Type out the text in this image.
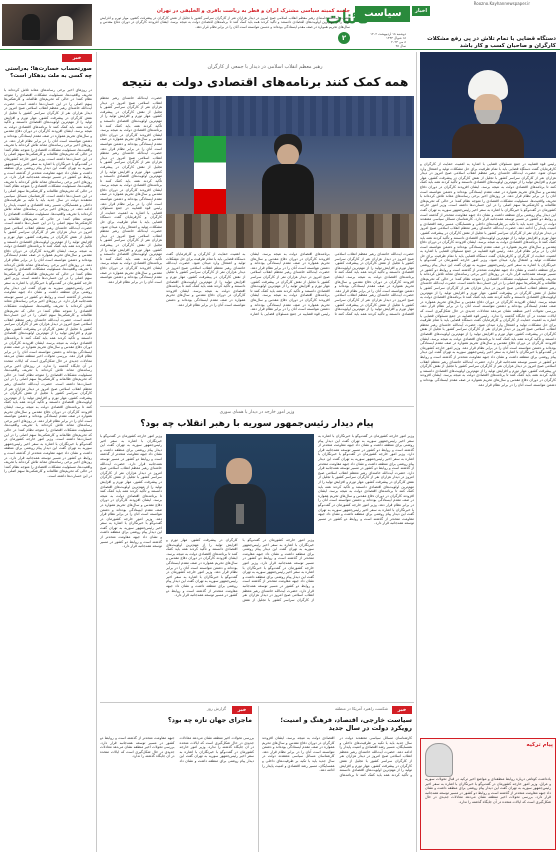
Roozno.Kayhannewspaper.ir
اخبار
سیاست
کائنات
جلسه کمیته سیاسی مشترک ایران و قطر به ریاست باقری و الخلیفی در تهران
حضرت آیت‌الله خامنه‌ای رهبر معظم انقلاب اسلامی صبح امروز در دیدار هزاران نفر از کارگران سراسر کشور با تجلیل از نقش کارگران در پیشرفت کشور، مهار تورم و افزایش تولید را از مهم‌ترین اولویت‌های اقتصادی دانستند و تأکید کردند همه باید کمک کنند تا برنامه‌های اقتصادی دولت به نتیجه برسد. ایشان افزودند کارگران در دوران دفاع مقدس و سال‌های تحریم همواره در صف مقدم ایستادگی بوده‌اند و دشمن نتوانسته است آنان را در برابر نظام قرار دهد.
۲	دوشنبه ۱۸ اردیبهشت ۱۴۰۲
۱۸ شوال ۱۴۴۴
۸ می ۲۰۲۳
سال ۳۸
دستگاه قضایی با تمام تلاش در پی رفع مشکلات کارگران و صاحبان کسب و کار باشد
رئیس قوه قضاییه در جمع مسئولان قضایی با اشاره به اهمیت حمایت از کارگران و کارفرمایان گفت دستگاه قضایی باید با تمام ظرفیت برای حل مشکلات تولید و اشتغال وارد میدان شود. حضرت آیت‌الله خامنه‌ای رهبر معظم انقلاب اسلامی صبح امروز در دیدار هزاران نفر از کارگران سراسر کشور با تجلیل از نقش کارگران در پیشرفت کشور، مهار تورم و افزایش تولید را از مهم‌ترین اولویت‌های اقتصادی دانستند و تأکید کردند همه باید کمک کنند تا برنامه‌های اقتصادی دولت به نتیجه برسد. ایشان افزودند کارگران در دوران دفاع مقدس و سال‌های تحریم همواره در صف مقدم ایستادگی بوده‌اند و دشمن نتوانسته است آنان را در برابر نظام قرار دهد. در روزهای اخیر برخی رسانه‌های معاند تلاش کرده‌اند با تحریف واقعیت‌ها، مسئولیت مشکلات اقتصادی را متوجه نظام کنند؛ در حالی که تحریم‌های ظالمانه و کارشکنی‌ها سهم اصلی را در این خسارت‌ها داشته است. وزیر امور خارجه کشورمان در گفت‌وگو با خبرنگاران با اشاره به سفر اخیر رئیس‌جمهور سوریه به تهران گفت این دیدار پیام روشنی برای منطقه داشت و نشان داد جبهه مقاومت متحدتر از گذشته است و روابط دو کشور در مسیر توسعه همه‌جانبه قرار دارد. کارشناسان مسائل سیاسی معتقدند دولت در سال جدید باید با تکیه بر ظرفیت‌های داخلی و همسایگان، مسیر رشد اقتصادی و امنیت پایدار را ادامه دهد. حضرت آیت‌الله خامنه‌ای رهبر معظم انقلاب اسلامی صبح امروز در دیدار هزاران نفر از کارگران سراسر کشور با تجلیل از نقش کارگران در پیشرفت کشور، مهار تورم و افزایش تولید را از مهم‌ترین اولویت‌های اقتصادی دانستند و تأکید کردند همه باید کمک کنند تا برنامه‌های اقتصادی دولت به نتیجه برسد. ایشان افزودند کارگران در دوران دفاع مقدس و سال‌های تحریم همواره در صف مقدم ایستادگی بوده‌اند و دشمن نتوانسته است آنان را در برابر نظام قرار دهد. رئیس قوه قضاییه در جمع مسئولان قضایی با اشاره به اهمیت حمایت از کارگران و کارفرمایان گفت دستگاه قضایی باید با تمام ظرفیت برای حل مشکلات تولید و اشتغال وارد میدان شود. وزیر امور خارجه کشورمان در گفت‌وگو با خبرنگاران با اشاره به سفر اخیر رئیس‌جمهور سوریه به تهران گفت این دیدار پیام روشنی برای منطقه داشت و نشان داد جبهه مقاومت متحدتر از گذشته است و روابط دو کشور در مسیر توسعه همه‌جانبه قرار دارد. در روزهای اخیر برخی رسانه‌های معاند تلاش کرده‌اند با تحریف واقعیت‌ها، مسئولیت مشکلات اقتصادی را متوجه نظام کنند؛ در حالی که تحریم‌های ظالمانه و کارشکنی‌ها سهم اصلی را در این خسارت‌ها داشته است. حضرت آیت‌الله خامنه‌ای رهبر معظم انقلاب اسلامی صبح امروز در دیدار هزاران نفر از کارگران سراسر کشور با تجلیل از نقش کارگران در پیشرفت کشور، مهار تورم و افزایش تولید را از مهم‌ترین اولویت‌های اقتصادی دانستند و تأکید کردند همه باید کمک کنند تا برنامه‌های اقتصادی دولت به نتیجه برسد. ایشان افزودند کارگران در دوران دفاع مقدس و سال‌های تحریم همواره در صف مقدم ایستادگی بوده‌اند و دشمن نتوانسته است آنان را در برابر نظام قرار دهد. بررسی تحولات اخیر منطقه نشان می‌دهد معادلات جدیدی در حال شکل‌گیری است که ایالات متحده در آن جایگاه گذشته را ندارد. رئیس قوه قضاییه در جمع مسئولان قضایی با اشاره به اهمیت حمایت از کارگران و کارفرمایان گفت دستگاه قضایی باید با تمام ظرفیت برای حل مشکلات تولید و اشتغال وارد میدان شود. حضرت آیت‌الله خامنه‌ای رهبر معظم انقلاب اسلامی صبح امروز در دیدار هزاران نفر از کارگران سراسر کشور با تجلیل از نقش کارگران در پیشرفت کشور، مهار تورم و افزایش تولید را از مهم‌ترین اولویت‌های اقتصادی دانستند و تأکید کردند همه باید کمک کنند تا برنامه‌های اقتصادی دولت به نتیجه برسد. ایشان افزودند کارگران در دوران دفاع مقدس و سال‌های تحریم همواره در صف مقدم ایستادگی بوده‌اند و دشمن نتوانسته است آنان را در برابر نظام قرار دهد. وزیر امور خارجه کشورمان در گفت‌وگو با خبرنگاران با اشاره به سفر اخیر رئیس‌جمهور سوریه به تهران گفت این دیدار پیام روشنی برای منطقه داشت و نشان داد جبهه مقاومت متحدتر از گذشته است و روابط دو کشور در مسیر توسعه همه‌جانبه قرار دارد. حضرت آیت‌الله خامنه‌ای رهبر معظم انقلاب اسلامی صبح امروز در دیدار هزاران نفر از کارگران سراسر کشور با تجلیل از نقش کارگران در پیشرفت کشور، مهار تورم و افزایش تولید را از مهم‌ترین اولویت‌های اقتصادی دانستند و تأکید کردند همه باید کمک کنند تا برنامه‌های اقتصادی دولت به نتیجه برسد. ایشان افزودند کارگران در دوران دفاع مقدس و سال‌های تحریم همواره در صف مقدم ایستادگی بوده‌اند و دشمن نتوانسته است آنان را در برابر نظام قرار دهد.
پیام ترکیه
یادداشت کوتاهی درباره روابط منطقه‌ای و مواضع اخیر ترکیه در قبال تحولات سوریه و عراق. وزیر امور خارجه کشورمان در گفت‌وگو با خبرنگاران با اشاره به سفر اخیر رئیس‌جمهور سوریه به تهران گفت این دیدار پیام روشنی برای منطقه داشت و نشان داد جبهه مقاومت متحدتر از گذشته است و روابط دو کشور در مسیر توسعه همه‌جانبه قرار دارد. بررسی تحولات اخیر منطقه نشان می‌دهد معادلات جدیدی در حال شکل‌گیری است که ایالات متحده در آن جایگاه گذشته را ندارد.
رهبر معظم انقلاب اسلامی در دیدار با جمعی از کارگران
همه کمک کنند برنامه‌های اقتصادی دولت به نتیجه
حضرت آیت‌الله خامنه‌ای رهبر معظم انقلاب اسلامی صبح امروز در دیدار هزاران نفر از کارگران سراسر کشور با تجلیل از نقش کارگران در پیشرفت کشور، مهار تورم و افزایش تولید را از مهم‌ترین اولویت‌های اقتصادی دانستند و تأکید کردند همه باید کمک کنند تا برنامه‌های اقتصادی دولت به نتیجه برسد. ایشان افزودند کارگران در دوران دفاع مقدس و سال‌های تحریم همواره در صف مقدم ایستادگی بوده‌اند و دشمن نتوانسته است آنان را در برابر نظام قرار دهد. حضرت آیت‌الله خامنه‌ای رهبر معظم انقلاب اسلامی صبح امروز در دیدار هزاران نفر از کارگران سراسر کشور با تجلیل از نقش کارگران در پیشرفت کشور، مهار تورم و افزایش تولید را از مهم‌ترین اولویت‌های اقتصادی دانستند و تأکید کردند همه باید کمک کنند تا برنامه‌های اقتصادی دولت به نتیجه برسد. ایشان افزودند کارگران در دوران دفاع مقدس و سال‌های تحریم همواره در صف مقدم ایستادگی بوده‌اند و دشمن نتوانسته است آنان را در برابر نظام قرار دهد. حضرت آیت‌الله خامنه‌ای رهبر معظم انقلاب اسلامی صبح امروز در دیدار هزاران نفر از کارگران سراسر کشور با تجلیل از نقش کارگران در پیشرفت کشور، مهار تورم و افزایش تولید را از مهم‌ترین اولویت‌های اقتصادی دانستند و تأکید کردند همه باید کمک کنند تا برنامه‌های اقتصادی دولت به نتیجه برسد. ایشان افزودند کارگران در دوران دفاع مقدس و سال‌های تحریم همواره در صف مقدم ایستادگی بوده‌اند و دشمن نتوانسته است آنان را در برابر نظام قرار دهد. رئیس قوه قضاییه در جمع مسئولان قضایی با اشاره به اهمیت حمایت از کارگران و کارفرمایان گفت دستگاه قضایی باید با تمام ظرفیت برای حل مشکلات تولید و اشتغال وارد میدان شود. حضرت آیت‌الله خامنه‌ای رهبر معظم انقلاب اسلامی صبح امروز در دیدار هزاران نفر از کارگران سراسر کشور با تجلیل از نقش کارگران در پیشرفت کشور، مهار تورم و افزایش تولید را از مهم‌ترین اولویت‌های اقتصادی دانستند و تأکید کردند همه باید کمک کنند تا برنامه‌های اقتصادی دولت به نتیجه برسد. ایشان افزودند کارگران در دوران دفاع مقدس و سال‌های تحریم همواره در صف مقدم ایستادگی بوده‌اند و دشمن نتوانسته است آنان را در برابر نظام قرار دهد.
حضرت آیت‌الله خامنه‌ای رهبر معظم انقلاب اسلامی صبح امروز در دیدار هزاران نفر از کارگران سراسر کشور با تجلیل از نقش کارگران در پیشرفت کشور، مهار تورم و افزایش تولید را از مهم‌ترین اولویت‌های اقتصادی دانستند و تأکید کردند همه باید کمک کنند تا برنامه‌های اقتصادی دولت به نتیجه برسد. ایشان افزودند کارگران در دوران دفاع مقدس و سال‌های تحریم همواره در صف مقدم ایستادگی بوده‌اند و دشمن نتوانسته است آنان را در برابر نظام قرار دهد. حضرت آیت‌الله خامنه‌ای رهبر معظم انقلاب اسلامی صبح امروز در دیدار هزاران نفر از کارگران سراسر کشور با تجلیل از نقش کارگران در پیشرفت کشور، مهار تورم و افزایش تولید را از مهم‌ترین اولویت‌های اقتصادی دانستند و تأکید کردند همه باید کمک کنند تا برنامه‌های اقتصادی دولت به نتیجه برسد. ایشان افزودند کارگران در دوران دفاع مقدس و سال‌های تحریم همواره در صف مقدم ایستادگی بوده‌اند و دشمن نتوانسته است آنان را در برابر نظام قرار دهد. رئیس قوه قضاییه در جمع مسئولان قضایی با اشاره به اهمیت حمایت از کارگران و کارفرمایان گفت دستگاه قضایی باید با تمام ظرفیت برای حل مشکلات تولید و اشتغال وارد میدان شود. حضرت آیت‌الله خامنه‌ای رهبر معظم انقلاب اسلامی صبح امروز در دیدار هزاران نفر از کارگران سراسر کشور با تجلیل از نقش کارگران در پیشرفت کشور، مهار تورم و افزایش تولید را از مهم‌ترین اولویت‌های اقتصادی دانستند و تأکید کردند همه باید کمک کنند تا برنامه‌های اقتصادی دولت به نتیجه برسد. ایشان افزودند کارگران در دوران دفاع مقدس و سال‌های تحریم همواره در صف مقدم ایستادگی بوده‌اند و دشمن نتوانسته است آنان را در برابر نظام قرار دهد.
وزیر امور خارجه در دیدار با همتای سوری
پیام دیدار رئیس‌جمهور سوریه با رهبر انقلاب چه بود؟
وزیر امور خارجه کشورمان در گفت‌وگو با خبرنگاران با اشاره به سفر اخیر رئیس‌جمهور سوریه به تهران گفت این دیدار پیام روشنی برای منطقه داشت و نشان داد جبهه مقاومت متحدتر از گذشته است و روابط دو کشور در مسیر توسعه همه‌جانبه قرار دارد. وزیر امور خارجه کشورمان در گفت‌وگو با خبرنگاران با اشاره به سفر اخیر رئیس‌جمهور سوریه به تهران گفت این دیدار پیام روشنی برای منطقه داشت و نشان داد جبهه مقاومت متحدتر از گذشته است و روابط دو کشور در مسیر توسعه همه‌جانبه قرار دارد. حضرت آیت‌الله خامنه‌ای رهبر معظم انقلاب اسلامی صبح امروز در دیدار هزاران نفر از کارگران سراسر کشور با تجلیل از نقش کارگران در پیشرفت کشور، مهار تورم و افزایش تولید را از مهم‌ترین اولویت‌های اقتصادی دانستند و تأکید کردند همه باید کمک کنند تا برنامه‌های اقتصادی دولت به نتیجه برسد. ایشان افزودند کارگران در دوران دفاع مقدس و سال‌های تحریم همواره در صف مقدم ایستادگی بوده‌اند و دشمن نتوانسته است آنان را در برابر نظام قرار دهد. وزیر امور خارجه کشورمان در گفت‌وگو با خبرنگاران با اشاره به سفر اخیر رئیس‌جمهور سوریه به تهران گفت این دیدار پیام روشنی برای منطقه داشت و نشان داد جبهه مقاومت متحدتر از گذشته است و روابط دو کشور در مسیر توسعه همه‌جانبه قرار دارد.
وزیر امور خارجه کشورمان در گفت‌وگو با خبرنگاران با اشاره به سفر اخیر رئیس‌جمهور سوریه به تهران گفت این دیدار پیام روشنی برای منطقه داشت و نشان داد جبهه مقاومت متحدتر از گذشته است و روابط دو کشور در مسیر توسعه همه‌جانبه قرار دارد. وزیر امور خارجه کشورمان در گفت‌وگو با خبرنگاران با اشاره به سفر اخیر رئیس‌جمهور سوریه به تهران گفت این دیدار پیام روشنی برای منطقه داشت و نشان داد جبهه مقاومت متحدتر از گذشته است و روابط دو کشور در مسیر توسعه همه‌جانبه قرار دارد. حضرت آیت‌الله خامنه‌ای رهبر معظم انقلاب اسلامی صبح امروز در دیدار هزاران نفر از کارگران سراسر کشور با تجلیل از نقش کارگران در پیشرفت کشور، مهار تورم و افزایش تولید را از مهم‌ترین اولویت‌های اقتصادی دانستند و تأکید کردند همه باید کمک کنند تا برنامه‌های اقتصادی دولت به نتیجه برسد. ایشان افزودند کارگران در دوران دفاع مقدس و سال‌های تحریم همواره در صف مقدم ایستادگی بوده‌اند و دشمن نتوانسته است آنان را در برابر نظام قرار دهد. وزیر امور خارجه کشورمان در گفت‌وگو با خبرنگاران با اشاره به سفر اخیر رئیس‌جمهور سوریه به تهران گفت این دیدار پیام روشنی برای منطقه داشت و نشان داد جبهه مقاومت متحدتر از گذشته است و روابط دو کشور در مسیر توسعه همه‌جانبه قرار دارد.
وزیر امور خارجه کشورمان در گفت‌وگو با خبرنگاران با اشاره به سفر اخیر رئیس‌جمهور سوریه به تهران گفت این دیدار پیام روشنی برای منطقه داشت و نشان داد جبهه مقاومت متحدتر از گذشته است و روابط دو کشور در مسیر توسعه همه‌جانبه قرار دارد. حضرت آیت‌الله خامنه‌ای رهبر معظم انقلاب اسلامی صبح امروز در دیدار هزاران نفر از کارگران سراسر کشور با تجلیل از نقش کارگران در پیشرفت کشور، مهار تورم و افزایش تولید را از مهم‌ترین اولویت‌های اقتصادی دانستند و تأکید کردند همه باید کمک کنند تا برنامه‌های اقتصادی دولت به نتیجه برسد. ایشان افزودند کارگران در دوران دفاع مقدس و سال‌های تحریم همواره در صف مقدم ایستادگی بوده‌اند و دشمن نتوانسته است آنان را در برابر نظام قرار دهد. وزیر امور خارجه کشورمان در گفت‌وگو با خبرنگاران با اشاره به سفر اخیر رئیس‌جمهور سوریه به تهران گفت این دیدار پیام روشنی برای منطقه داشت و نشان داد جبهه مقاومت متحدتر از گذشته است و روابط دو کشور در مسیر توسعه همه‌جانبه قرار دارد.
خبر
شکست راهبرد آمریکا در منطقه
سیاست خارجی، اقتصاد، فرهنگ و امنیت؛ رویکرد دولت در سال جدید
کارشناسان مسائل سیاسی معتقدند دولت در سال جدید باید با تکیه بر ظرفیت‌های داخلی و همسایگان، مسیر رشد اقتصادی و امنیت پایدار را ادامه دهد. حضرت آیت‌الله خامنه‌ای رهبر معظم انقلاب اسلامی صبح امروز در دیدار هزاران نفر از کارگران سراسر کشور با تجلیل از نقش کارگران در پیشرفت کشور، مهار تورم و افزایش تولید را از مهم‌ترین اولویت‌های اقتصادی دانستند و تأکید کردند همه باید کمک کنند تا برنامه‌های اقتصادی دولت به نتیجه برسد. ایشان افزودند کارگران در دوران دفاع مقدس و سال‌های تحریم همواره در صف مقدم ایستادگی بوده‌اند و دشمن نتوانسته است آنان را در برابر نظام قرار دهد. کارشناسان مسائل سیاسی معتقدند دولت در سال جدید باید با تکیه بر ظرفیت‌های داخلی و همسایگان، مسیر رشد اقتصادی و امنیت پایدار را ادامه دهد.
خبر
گزارش روز
ماجرای جهان تازه چه بود؟
بررسی تحولات اخیر منطقه نشان می‌دهد معادلات جدیدی در حال شکل‌گیری است که ایالات متحده در آن جایگاه گذشته را ندارد. وزیر امور خارجه کشورمان در گفت‌وگو با خبرنگاران با اشاره به سفر اخیر رئیس‌جمهور سوریه به تهران گفت این دیدار پیام روشنی برای منطقه داشت و نشان داد جبهه مقاومت متحدتر از گذشته است و روابط دو کشور در مسیر توسعه همه‌جانبه قرار دارد. بررسی تحولات اخیر منطقه نشان می‌دهد معادلات جدیدی در حال شکل‌گیری است که ایالات متحده در آن جایگاه گذشته را ندارد.
خبر
صورتحساب خسارت‌ها؛ به‌راستی چه کسی به ملت بدهکار است؟
در روزهای اخیر برخی رسانه‌های معاند تلاش کرده‌اند با تحریف واقعیت‌ها، مسئولیت مشکلات اقتصادی را متوجه نظام کنند؛ در حالی که تحریم‌های ظالمانه و کارشکنی‌ها سهم اصلی را در این خسارت‌ها داشته است. حضرت آیت‌الله خامنه‌ای رهبر معظم انقلاب اسلامی صبح امروز در دیدار هزاران نفر از کارگران سراسر کشور با تجلیل از نقش کارگران در پیشرفت کشور، مهار تورم و افزایش تولید را از مهم‌ترین اولویت‌های اقتصادی دانستند و تأکید کردند همه باید کمک کنند تا برنامه‌های اقتصادی دولت به نتیجه برسد. ایشان افزودند کارگران در دوران دفاع مقدس و سال‌های تحریم همواره در صف مقدم ایستادگی بوده‌اند و دشمن نتوانسته است آنان را در برابر نظام قرار دهد. در روزهای اخیر برخی رسانه‌های معاند تلاش کرده‌اند با تحریف واقعیت‌ها، مسئولیت مشکلات اقتصادی را متوجه نظام کنند؛ در حالی که تحریم‌های ظالمانه و کارشکنی‌ها سهم اصلی را در این خسارت‌ها داشته است. وزیر امور خارجه کشورمان در گفت‌وگو با خبرنگاران با اشاره به سفر اخیر رئیس‌جمهور سوریه به تهران گفت این دیدار پیام روشنی برای منطقه داشت و نشان داد جبهه مقاومت متحدتر از گذشته است و روابط دو کشور در مسیر توسعه همه‌جانبه قرار دارد. در روزهای اخیر برخی رسانه‌های معاند تلاش کرده‌اند با تحریف واقعیت‌ها، مسئولیت مشکلات اقتصادی را متوجه نظام کنند؛ در حالی که تحریم‌های ظالمانه و کارشکنی‌ها سهم اصلی را در این خسارت‌ها داشته است. کارشناسان مسائل سیاسی معتقدند دولت در سال جدید باید با تکیه بر ظرفیت‌های داخلی و همسایگان، مسیر رشد اقتصادی و امنیت پایدار را ادامه دهد. در روزهای اخیر برخی رسانه‌های معاند تلاش کرده‌اند با تحریف واقعیت‌ها، مسئولیت مشکلات اقتصادی را متوجه نظام کنند؛ در حالی که تحریم‌های ظالمانه و کارشکنی‌ها سهم اصلی را در این خسارت‌ها داشته است. حضرت آیت‌الله خامنه‌ای رهبر معظم انقلاب اسلامی صبح امروز در دیدار هزاران نفر از کارگران سراسر کشور با تجلیل از نقش کارگران در پیشرفت کشور، مهار تورم و افزایش تولید را از مهم‌ترین اولویت‌های اقتصادی دانستند و تأکید کردند همه باید کمک کنند تا برنامه‌های اقتصادی دولت به نتیجه برسد. ایشان افزودند کارگران در دوران دفاع مقدس و سال‌های تحریم همواره در صف مقدم ایستادگی بوده‌اند و دشمن نتوانسته است آنان را در برابر نظام قرار دهد. در روزهای اخیر برخی رسانه‌های معاند تلاش کرده‌اند با تحریف واقعیت‌ها، مسئولیت مشکلات اقتصادی را متوجه نظام کنند؛ در حالی که تحریم‌های ظالمانه و کارشکنی‌ها سهم اصلی را در این خسارت‌ها داشته است. وزیر امور خارجه کشورمان در گفت‌وگو با خبرنگاران با اشاره به سفر اخیر رئیس‌جمهور سوریه به تهران گفت این دیدار پیام روشنی برای منطقه داشت و نشان داد جبهه مقاومت متحدتر از گذشته است و روابط دو کشور در مسیر توسعه همه‌جانبه قرار دارد. در روزهای اخیر برخی رسانه‌های معاند تلاش کرده‌اند با تحریف واقعیت‌ها، مسئولیت مشکلات اقتصادی را متوجه نظام کنند؛ در حالی که تحریم‌های ظالمانه و کارشکنی‌ها سهم اصلی را در این خسارت‌ها داشته است. حضرت آیت‌الله خامنه‌ای رهبر معظم انقلاب اسلامی صبح امروز در دیدار هزاران نفر از کارگران سراسر کشور با تجلیل از نقش کارگران در پیشرفت کشور، مهار تورم و افزایش تولید را از مهم‌ترین اولویت‌های اقتصادی دانستند و تأکید کردند همه باید کمک کنند تا برنامه‌های اقتصادی دولت به نتیجه برسد. ایشان افزودند کارگران در دوران دفاع مقدس و سال‌های تحریم همواره در صف مقدم ایستادگی بوده‌اند و دشمن نتوانسته است آنان را در برابر نظام قرار دهد. بررسی تحولات اخیر منطقه نشان می‌دهد معادلات جدیدی در حال شکل‌گیری است که ایالات متحده در آن جایگاه گذشته را ندارد. در روزهای اخیر برخی رسانه‌های معاند تلاش کرده‌اند با تحریف واقعیت‌ها، مسئولیت مشکلات اقتصادی را متوجه نظام کنند؛ در حالی که تحریم‌های ظالمانه و کارشکنی‌ها سهم اصلی را در این خسارت‌ها داشته است. حضرت آیت‌الله خامنه‌ای رهبر معظم انقلاب اسلامی صبح امروز در دیدار هزاران نفر از کارگران سراسر کشور با تجلیل از نقش کارگران در پیشرفت کشور، مهار تورم و افزایش تولید را از مهم‌ترین اولویت‌های اقتصادی دانستند و تأکید کردند همه باید کمک کنند تا برنامه‌های اقتصادی دولت به نتیجه برسد. ایشان افزودند کارگران در دوران دفاع مقدس و سال‌های تحریم همواره در صف مقدم ایستادگی بوده‌اند و دشمن نتوانسته است آنان را در برابر نظام قرار دهد. در روزهای اخیر برخی رسانه‌های معاند تلاش کرده‌اند با تحریف واقعیت‌ها، مسئولیت مشکلات اقتصادی را متوجه نظام کنند؛ در حالی که تحریم‌های ظالمانه و کارشکنی‌ها سهم اصلی را در این خسارت‌ها داشته است. وزیر امور خارجه کشورمان در گفت‌وگو با خبرنگاران با اشاره به سفر اخیر رئیس‌جمهور سوریه به تهران گفت این دیدار پیام روشنی برای منطقه داشت و نشان داد جبهه مقاومت متحدتر از گذشته است و روابط دو کشور در مسیر توسعه همه‌جانبه قرار دارد. در روزهای اخیر برخی رسانه‌های معاند تلاش کرده‌اند با تحریف واقعیت‌ها، مسئولیت مشکلات اقتصادی را متوجه نظام کنند؛ در حالی که تحریم‌های ظالمانه و کارشکنی‌ها سهم اصلی را در این خسارت‌ها داشته است.
